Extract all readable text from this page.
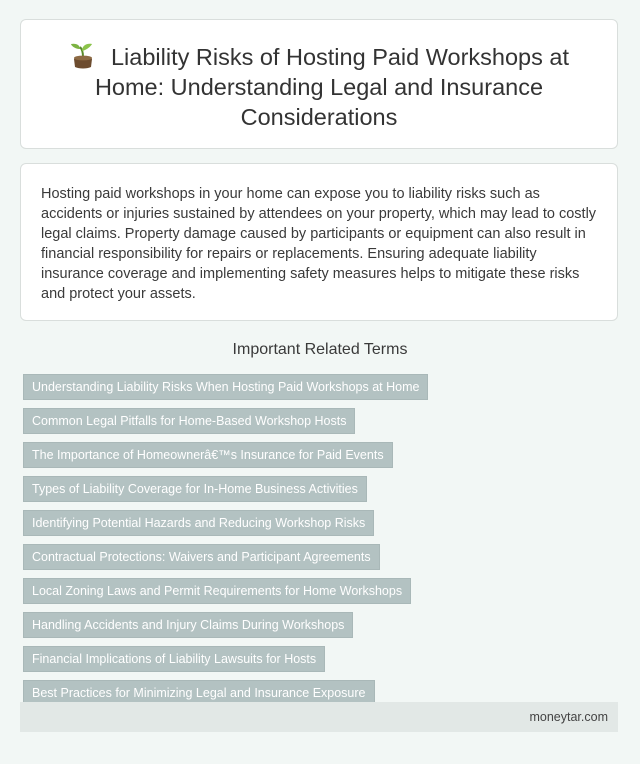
Liability Risks of Hosting Paid Workshops at Home: Understanding Legal and Insurance Considerations

Hosting paid workshops in your home can expose you to liability risks such as accidents or injuries sustained by attendees on your property, which may lead to costly legal claims. Property damage caused by participants or equipment can also result in financial responsibility for repairs or replacements. Ensuring adequate liability insurance coverage and implementing safety measures helps to mitigate these risks and protect your assets.

Important Related Terms
Understanding Liability Risks When Hosting Paid Workshops at Home
Common Legal Pitfalls for Home-Based Workshop Hosts
The Importance of Homeownerâ€™s Insurance for Paid Events
Types of Liability Coverage for In-Home Business Activities
Identifying Potential Hazards and Reducing Workshop Risks
Contractual Protections: Waivers and Participant Agreements
Local Zoning Laws and Permit Requirements for Home Workshops
Handling Accidents and Injury Claims During Workshops
Financial Implications of Liability Lawsuits for Hosts
Best Practices for Minimizing Legal and Insurance Exposure
moneytar.com
